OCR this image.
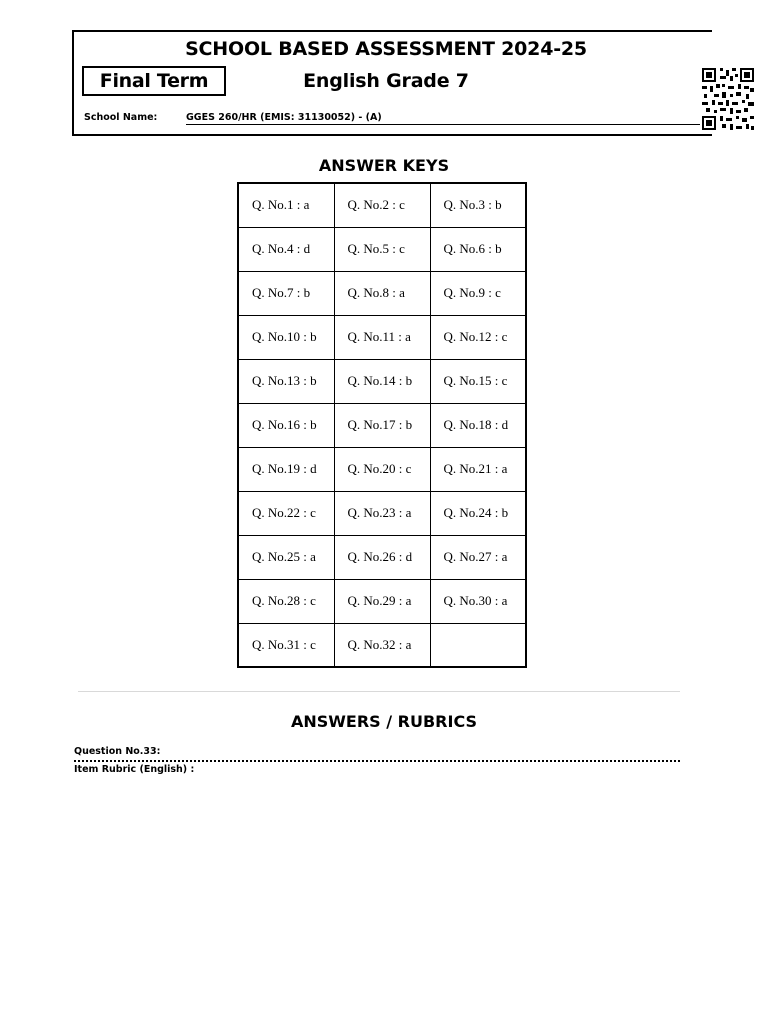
SCHOOL BASED ASSESSMENT 2024-25
English Grade 7
Final Term
School Name:	GGES 260/HR (EMIS: 31130052) - (A)
ANSWER KEYS
Q. No.1 : a	Q. No.2 : c	Q. No.3 : b
Q. No.4 : d	Q. No.5 : c	Q. No.6 : b
Q. No.7 : b	Q. No.8 : a	Q. No.9 : c
Q. No.10 : b	Q. No.11 : a	Q. No.12 : c
Q. No.13 : b	Q. No.14 : b	Q. No.15 : c
Q. No.16 : b	Q. No.17 : b	Q. No.18 : d
Q. No.19 : d	Q. No.20 : c	Q. No.21 : a
Q. No.22 : c	Q. No.23 : a	Q. No.24 : b
Q. No.25 : a	Q. No.26 : d	Q. No.27 : a
Q. No.28 : c	Q. No.29 : a	Q. No.30 : a
Q. No.31 : c	Q. No.32 : a	
ANSWERS / RUBRICS
Question No.33:
Item Rubric (English) :
